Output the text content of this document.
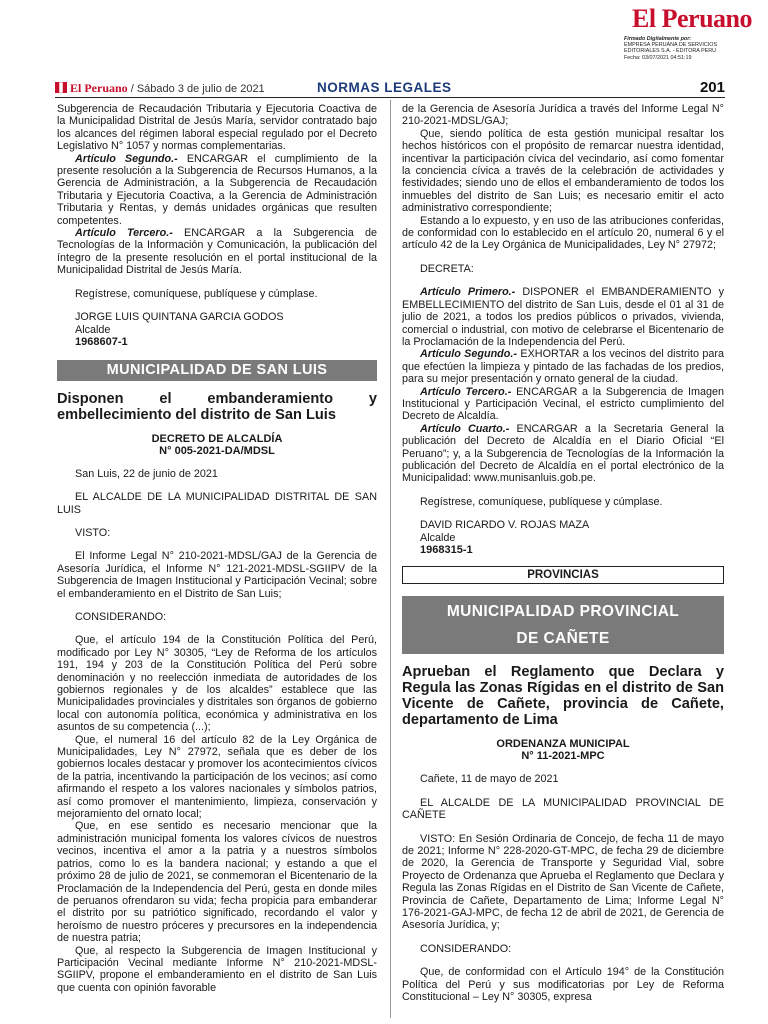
El Peruano
Firmado Digitalmente por:
EMPRESA PERUANA DE SERVICIOS
EDITORIALES S.A. - EDITORA PERU
Fecha: 03/07/2021 04:51:19
El Peruano / Sábado 3 de julio de 2021	NORMAS LEGALES	201

Subgerencia de Recaudación Tributaria y Ejecutoria Coactiva de la Municipalidad Distrital de Jesús María, servidor contratado bajo los alcances del régimen laboral especial regulado por el Decreto Legislativo N° 1057 y normas complementarias.

Artículo Segundo.- ENCARGAR el cumplimiento de la presente resolución a la Subgerencia de Recursos Humanos, a la Gerencia de Administración, a la Subgerencia de Recaudación Tributaria y Ejecutoria Coactiva, a la Gerencia de Administración Tributaria y Rentas, y demás unidades orgánicas que resulten competentes.

Artículo Tercero.- ENCARGAR a la Subgerencia de Tecnologías de la Información y Comunicación, la publicación del íntegro de la presente resolución en el portal institucional de la Municipalidad Distrital de Jesús María.

Regístrese, comuníquese, publíquese y cúmplase.

JORGE LUIS QUINTANA GARCIA GODOS

Alcalde

1968607-1

MUNICIPALIDAD DE SAN LUIS
Disponen el embanderamiento y embellecimiento del distrito de San Luis
DECRETO DE ALCALDÍA
N° 005-2021-DA/MDSL

San Luis, 22 de junio de 2021

EL ALCALDE DE LA MUNICIPALIDAD DISTRITAL DE SAN LUIS

VISTO:

El Informe Legal N° 210-2021-MDSL/GAJ de la Gerencia de Asesoría Jurídica, el Informe N° 121-2021-MDSL-SGIIPV de la Subgerencia de Imagen Institucional y Participación Vecinal; sobre el embanderamiento en el Distrito de San Luis;

CONSIDERANDO:

Que, el artículo 194 de la Constitución Política del Perú, modificado por Ley N° 30305, “Ley de Reforma de los artículos 191, 194 y 203 de la Constitución Política del Perú sobre denominación y no reelección inmediata de autoridades de los gobiernos regionales y de los alcaldes” establece que las Municipalidades provinciales y distritales son órganos de gobierno local con autonomía política, económica y administrativa en los asuntos de su competencia (...);

Que, el numeral 16 del artículo 82 de la Ley Orgánica de Municipalidades, Ley N° 27972, señala que es deber de los gobiernos locales destacar y promover los acontecimientos cívicos de la patria, incentivando la participación de los vecinos; así como afirmando el respeto a los valores nacionales y símbolos patrios, así como promover el mantenimiento, limpieza, conservación y mejoramiento del ornato local;

Que, en ese sentido es necesario mencionar que la administración municipal fomenta los valores cívicos de nuestros vecinos, incentiva el amor a la patria y a nuestros símbolos patrios, como lo es la bandera nacional; y estando a que el próximo 28 de julio de 2021, se conmemoran el Bicentenario de la Proclamación de la Independencia del Perú, gesta en donde miles de peruanos ofrendaron su vida; fecha propicia para embanderar el distrito por su patriótico significado, recordando el valor y heroísmo de nuestro próceres y precursores en la independencia de nuestra patria;

Que, al respecto la Subgerencia de Imagen Institucional y Participación Vecinal mediante Informe N° 210-2021-MDSL-SGIIPV, propone el embanderamiento en el distrito de San Luis que cuenta con opinión favorable

de la Gerencia de Asesoría Jurídica a través del Informe Legal N° 210-2021-MDSL/GAJ;

Que, siendo política de esta gestión municipal resaltar los hechos históricos con el propósito de remarcar nuestra identidad, incentivar la participación cívica del vecindario, así como fomentar la conciencia cívica a través de la celebración de actividades y festividades; siendo uno de ellos el embanderamiento de todos los inmuebles del distrito de San Luis; es necesario emitir el acto administrativo correspondiente;

Estando a lo expuesto, y en uso de las atribuciones conferidas, de conformidad con lo establecido en el artículo 20, numeral 6 y el artículo 42 de la Ley Orgánica de Municipalidades, Ley N° 27972;

DECRETA:

Artículo Primero.- DISPONER el EMBANDERAMIENTO y EMBELLECIMIENTO del distrito de San Luis, desde el 01 al 31 de julio de 2021, a todos los predios públicos o privados, vivienda, comercial o industrial, con motivo de celebrarse el Bicentenario de la Proclamación de la Independencia del Perú.

Artículo Segundo.- EXHORTAR a los vecinos del distrito para que efectúen la limpieza y pintado de las fachadas de los predios, para su mejor presentación y ornato general de la ciudad.

Artículo Tercero.- ENCARGAR a la Subgerencia de Imagen Institucional y Participación Vecinal, el estricto cumplimiento del Decreto de Alcaldía.

Artículo Cuarto.- ENCARGAR a la Secretaria General la publicación del Decreto de Alcaldía en el Diario Oficial “El Peruano”; y, a la Subgerencia de Tecnologías de la Información la publicación del Decreto de Alcaldía en el portal electrónico de la Municipalidad: www.munisanluis.gob.pe.

Regístrese, comuníquese, publíquese y cúmplase.

DAVID RICARDO V. ROJAS MAZA

Alcalde

1968315-1

PROVINCIAS
MUNICIPALIDAD PROVINCIAL
DE CAÑETE
Aprueban el Reglamento que Declara y Regula las Zonas Rígidas en el distrito de San Vicente de Cañete, provincia de Cañete, departamento de Lima
ORDENANZA MUNICIPAL
N° 11-2021-MPC

Cañete, 11 de mayo de 2021

EL ALCALDE DE LA MUNICIPALIDAD PROVINCIAL DE CAÑETE

VISTO: En Sesión Ordinaria de Concejo, de fecha 11 de mayo de 2021; Informe N° 228-2020-GT-MPC, de fecha 29 de diciembre de 2020, la Gerencia de Transporte y Seguridad Vial, sobre Proyecto de Ordenanza que Aprueba el Reglamento que Declara y Regula las Zonas Rígidas en el Distrito de San Vicente de Cañete, Provincia de Cañete, Departamento de Lima; Informe Legal N° 176-2021-GAJ-MPC, de fecha 12 de abril de 2021, de Gerencia de Asesoría Jurídica, y;

CONSIDERANDO:

Que, de conformidad con el Artículo 194° de la Constitución Política del Perú y sus modificatorias por Ley de Reforma Constitucional – Ley N° 30305, expresa
